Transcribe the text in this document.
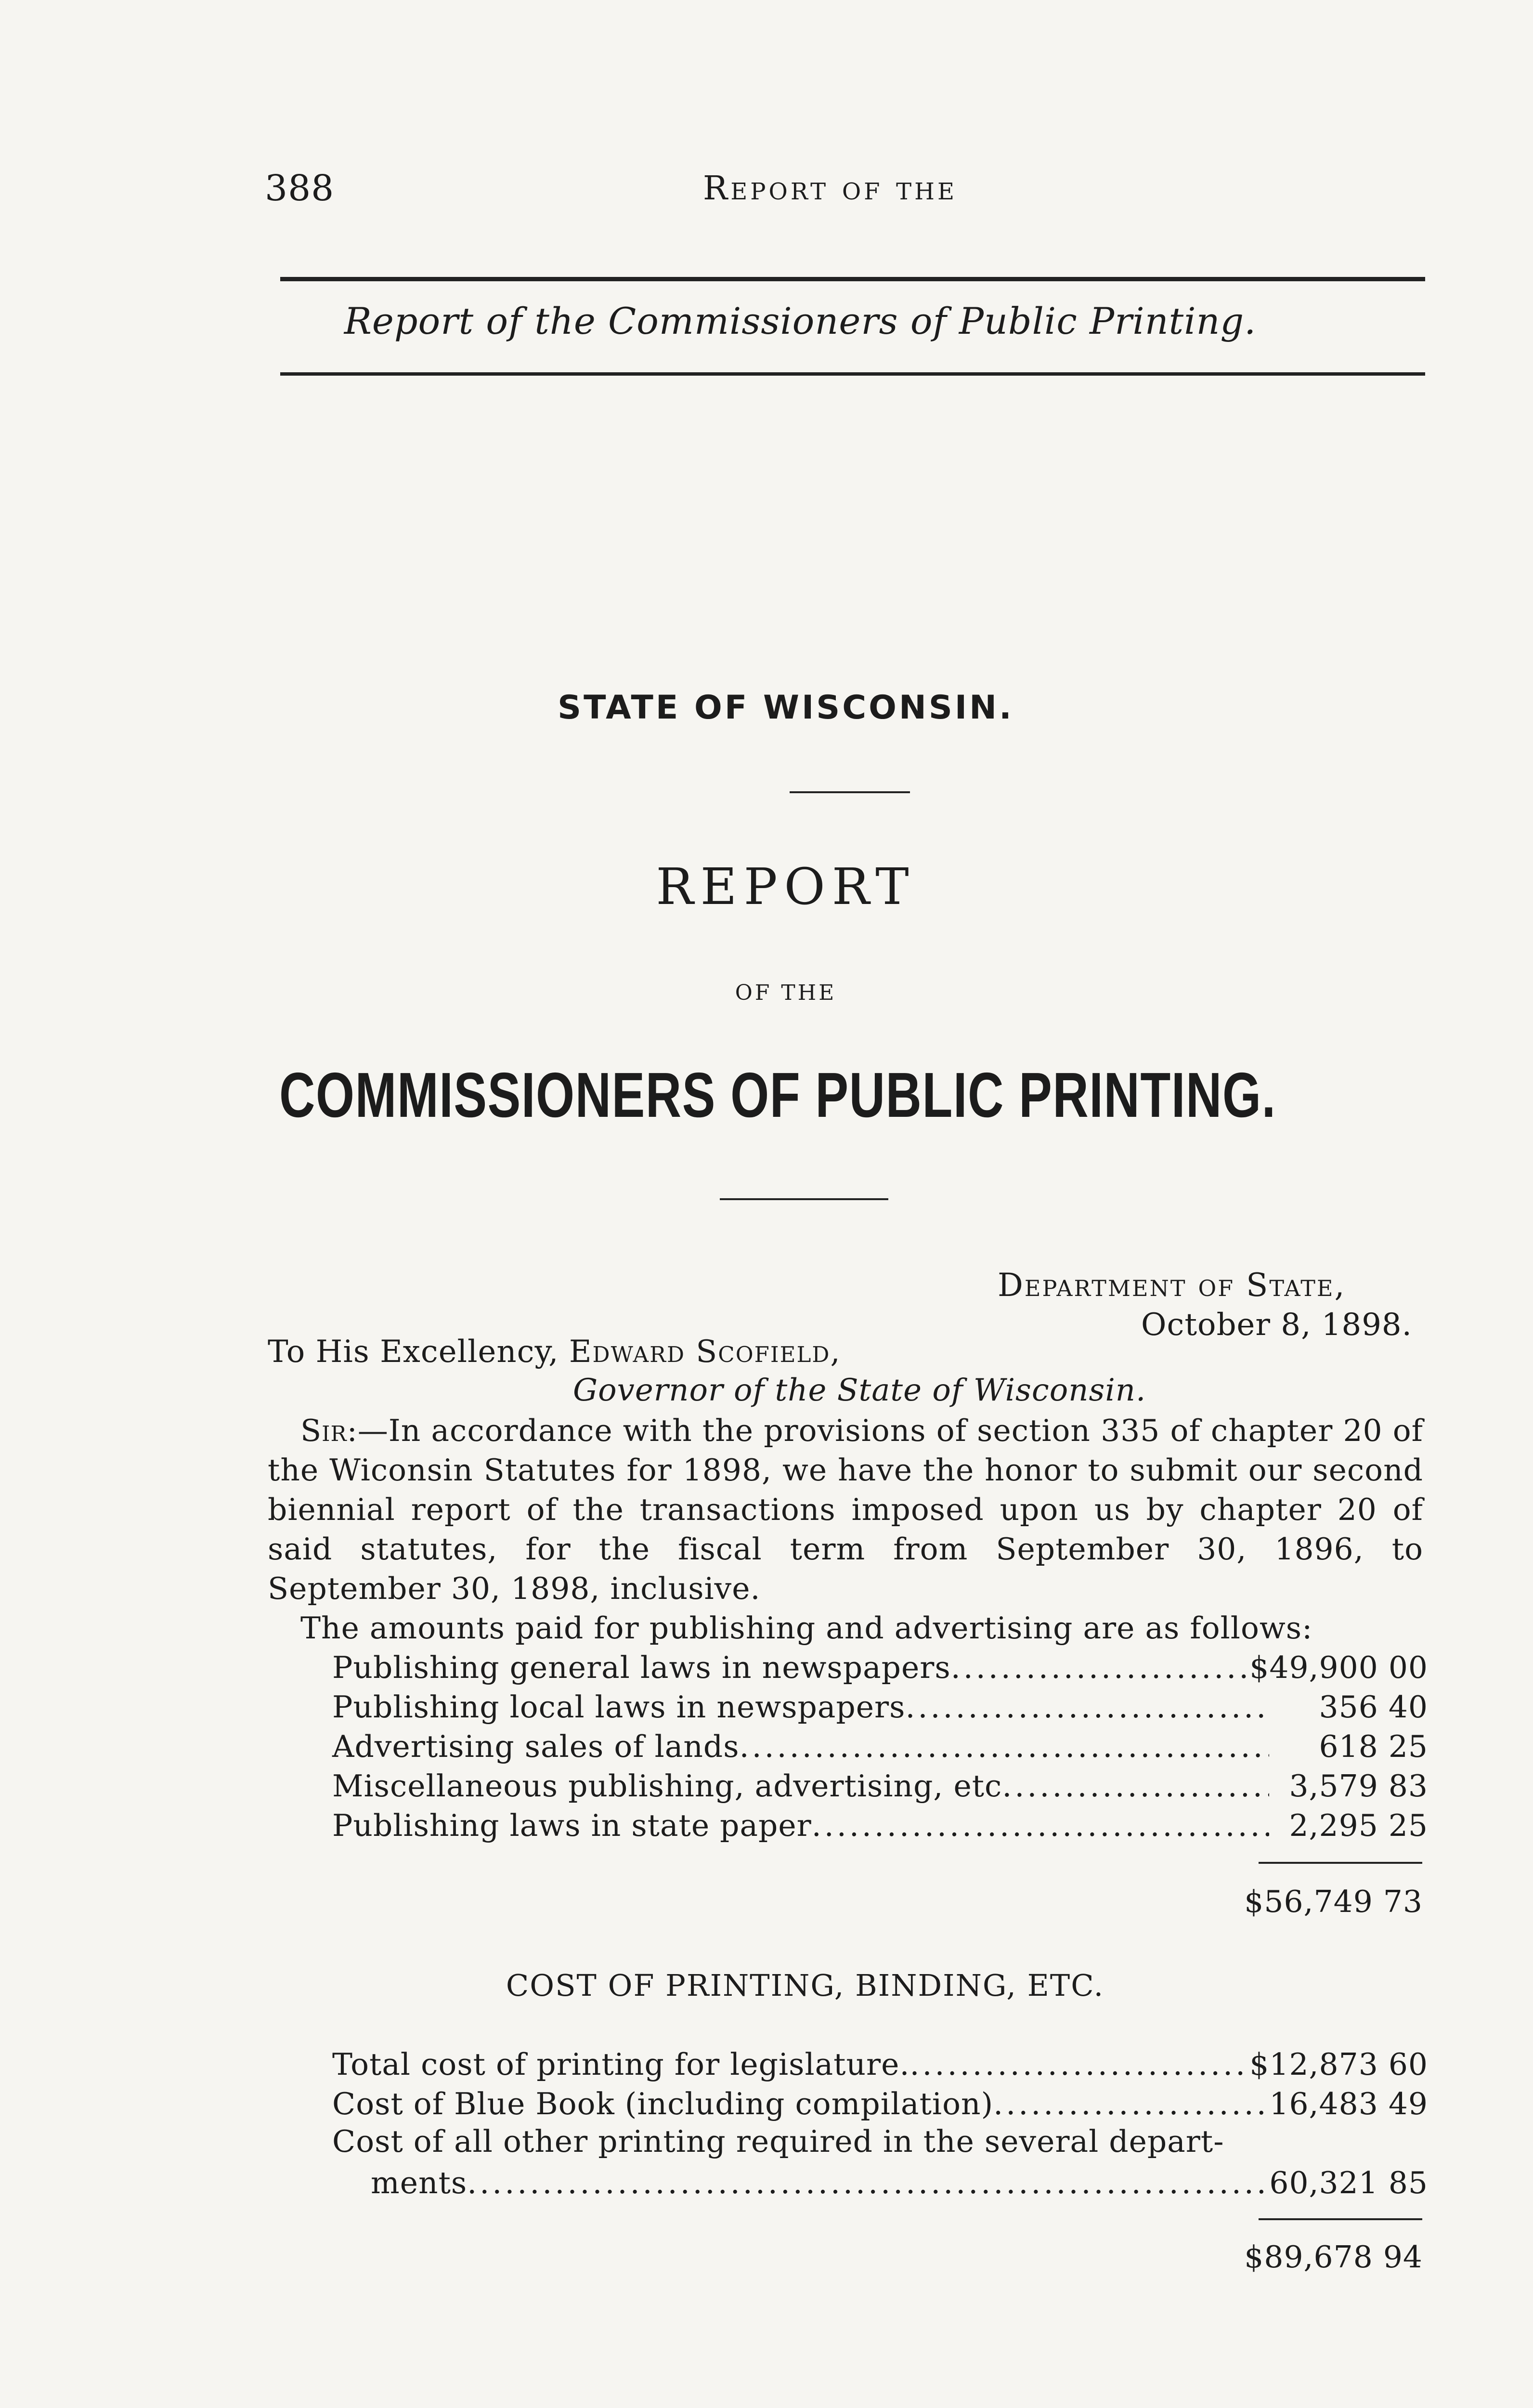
388	Report of the
Report of the Commissioners of Public Printing.
STATE OF WISCONSIN.
REPORT
OF THE
COMMISSIONERS OF PUBLIC PRINTING.
Department of State,
October 8, 1898.
To His Excellency, Edward Scofield,
Governor of the State of Wisconsin.
Sir:—In accordance with the provisions of section 335 of chapter 20 of the Wiconsin Statutes for 1898, we have the honor to submit our second biennial report of the transactions imposed upon us by chapter 20 of said statutes, for the fiscal term from September 30, 1896, to September 30, 1898, inclusive.
The amounts paid for publishing and advertising are as follows:
Publishing general laws in newspapers .....	$49,900 00
Publishing local laws in newspapers .....	356 40
Advertising sales of lands .....	618 25
Miscellaneous publishing, advertising, etc .....	3,579 83
Publishing laws in state paper .....	2,295 25
$56,749 73
COST OF PRINTING, BINDING, ETC.
Total cost of printing for legislature. .....	$12,873 60
Cost of Blue Book (including compilation) .....	16,483 49
Cost of all other printing required in the several depart-
ments .....	60,321 85
$89,678 94
